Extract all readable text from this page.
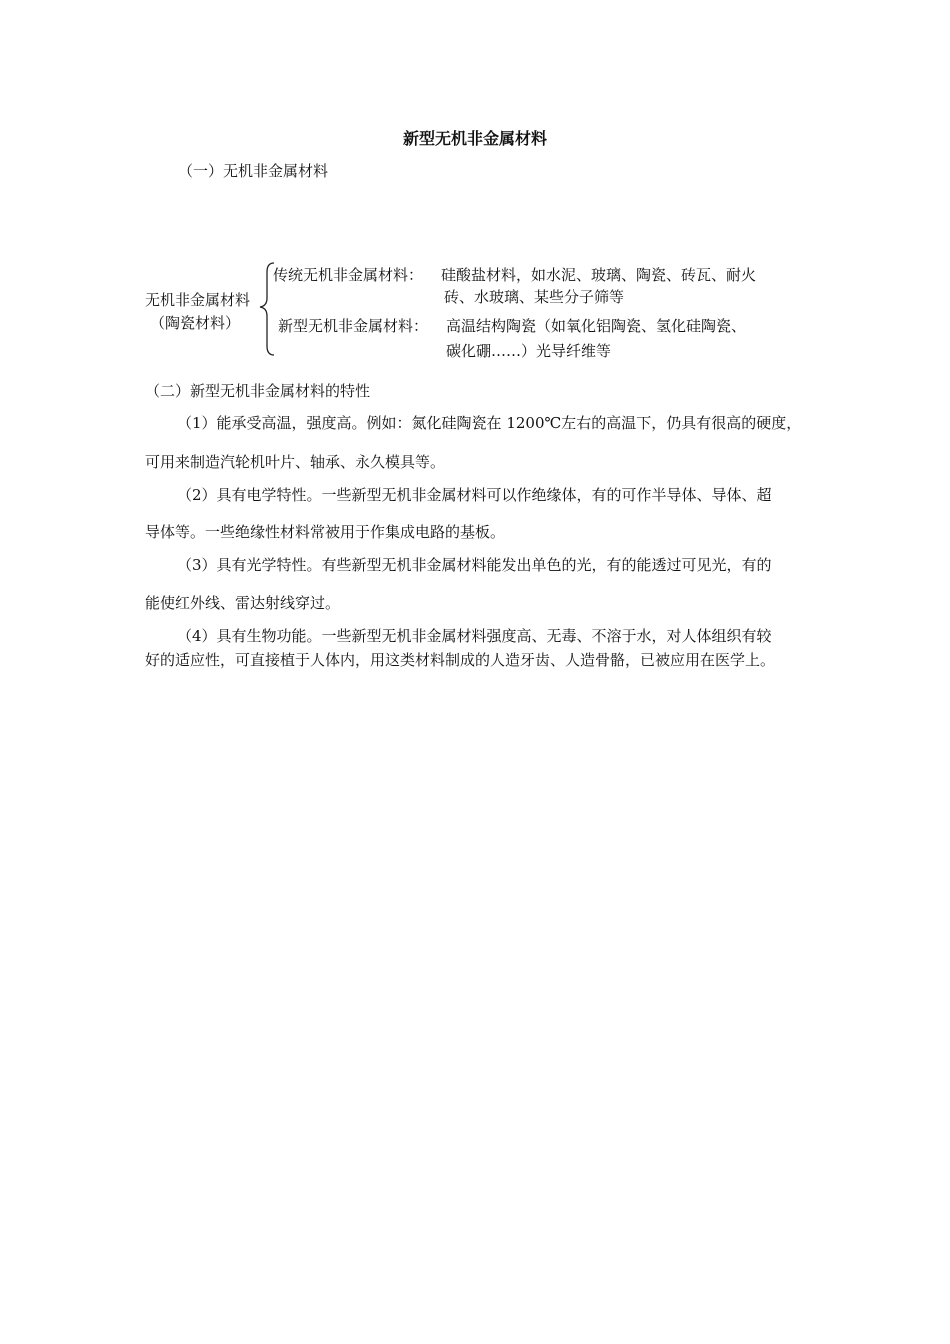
新型无机非金属材料
（一）无机非金属材料
无机非金属材料
（陶瓷材料）
传统无机非金属材料： 硅酸盐材料，如水泥、玻璃、陶瓷、砖瓦、耐火
砖、水玻璃、某些分子筛等
新型无机非金属材料： 高温结构陶瓷（如氧化铝陶瓷、氢化硅陶瓷、
碳化硼……）光导纤维等
（二）新型无机非金属材料的特性
（1）能承受高温，强度高。例如：氮化硅陶瓷在 1200℃左右的高温下，仍具有很高的硬度，
可用来制造汽轮机叶片、轴承、永久模具等。
（2）具有电学特性。一些新型无机非金属材料可以作绝缘体，有的可作半导体、导体、超
导体等。一些绝缘性材料常被用于作集成电路的基板。
（3）具有光学特性。有些新型无机非金属材料能发出单色的光，有的能透过可见光，有的
能使红外线、雷达射线穿过。
（4）具有生物功能。一些新型无机非金属材料强度高、无毒、不溶于水，对人体组织有较
好的适应性，可直接植于人体内，用这类材料制成的人造牙齿、人造骨骼，已被应用在医学上。
